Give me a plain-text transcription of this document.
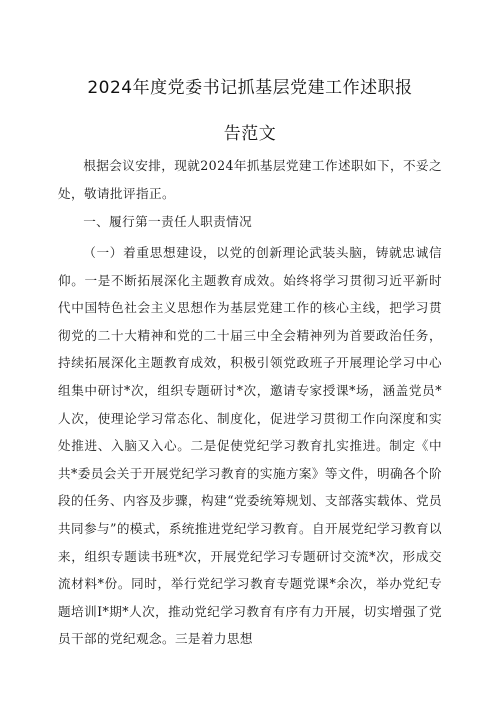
2024年度党委书记抓基层党建工作述职报
告范文
根据会议安排，现就2024年抓基层党建工作述职如下，不妥之处，敬请批评指正。
一、履行第一责任人职责情况
（一）着重思想建设，以党的创新理论武装头脑，铸就忠诚信仰。一是不断拓展深化主题教育成效。始终将学习贯彻习近平新时代中国特色社会主义思想作为基层党建工作的核心主线，把学习贯彻党的二十大精神和党的二十届三中全会精神列为首要政治任务，持续拓展深化主题教育成效，积极引领党政班子开展理论学习中心组集中研讨*次，组织专题研讨*次，邀请专家授课*场，涵盖党员*人次，使理论学习常态化、制度化，促进学习贯彻工作向深度和实处推进、入脑又入心。二是促使党纪学习教育扎实推进。制定《中共*委员会关于开展党纪学习教育的实施方案》等文件，明确各个阶段的任务、内容及步骤，构建“党委统筹规划、支部落实载体、党员共同参与”的模式，系统推进党纪学习教育。自开展党纪学习教育以来，组织专题读书班*次，开展党纪学习专题研讨交流*次，形成交流材料*份。同时，举行党纪学习教育专题党课*余次，举办党纪专题培训I*期*人次，推动党纪学习教育有序有力开展，切实增强了党员干部的党纪观念。三是着力思想
